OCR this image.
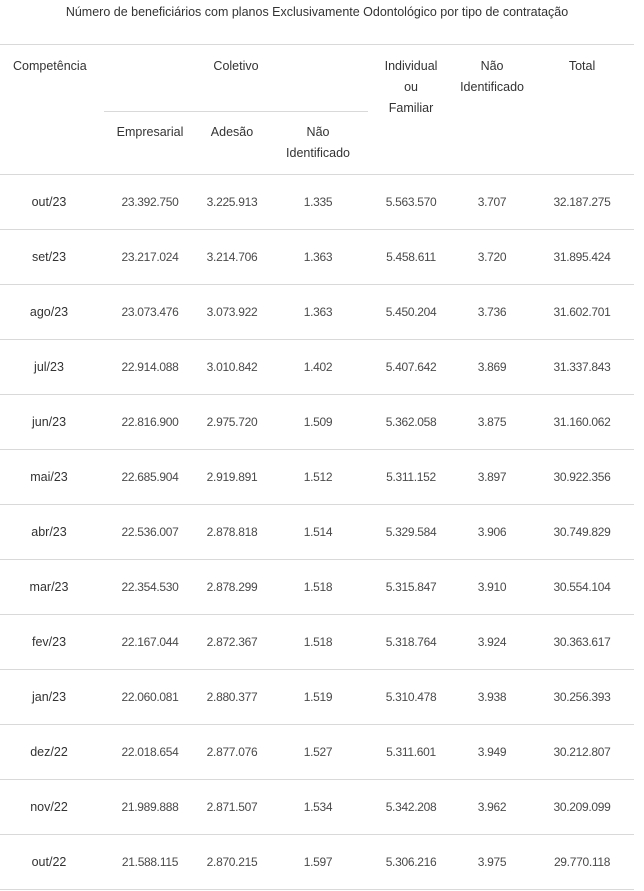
Número de beneficiários com planos Exclusivamente Odontológico por tipo de contratação
Competência	Coletivo			Individual ou Familiar	Não Identificado	Total
	Empresarial	Adesão	Não Identificado			

out/23	23.392.750	3.225.913	1.335	5.563.570	3.707	32.187.275
set/23	23.217.024	3.214.706	1.363	5.458.611	3.720	31.895.424
ago/23	23.073.476	3.073.922	1.363	5.450.204	3.736	31.602.701
jul/23	22.914.088	3.010.842	1.402	5.407.642	3.869	31.337.843
jun/23	22.816.900	2.975.720	1.509	5.362.058	3.875	31.160.062
mai/23	22.685.904	2.919.891	1.512	5.311.152	3.897	30.922.356
abr/23	22.536.007	2.878.818	1.514	5.329.584	3.906	30.749.829
mar/23	22.354.530	2.878.299	1.518	5.315.847	3.910	30.554.104
fev/23	22.167.044	2.872.367	1.518	5.318.764	3.924	30.363.617
jan/23	22.060.081	2.880.377	1.519	5.310.478	3.938	30.256.393
dez/22	22.018.654	2.877.076	1.527	5.311.601	3.949	30.212.807
nov/22	21.989.888	2.871.507	1.534	5.342.208	3.962	30.209.099
out/22	21.588.115	2.870.215	1.597	5.306.216	3.975	29.770.118
